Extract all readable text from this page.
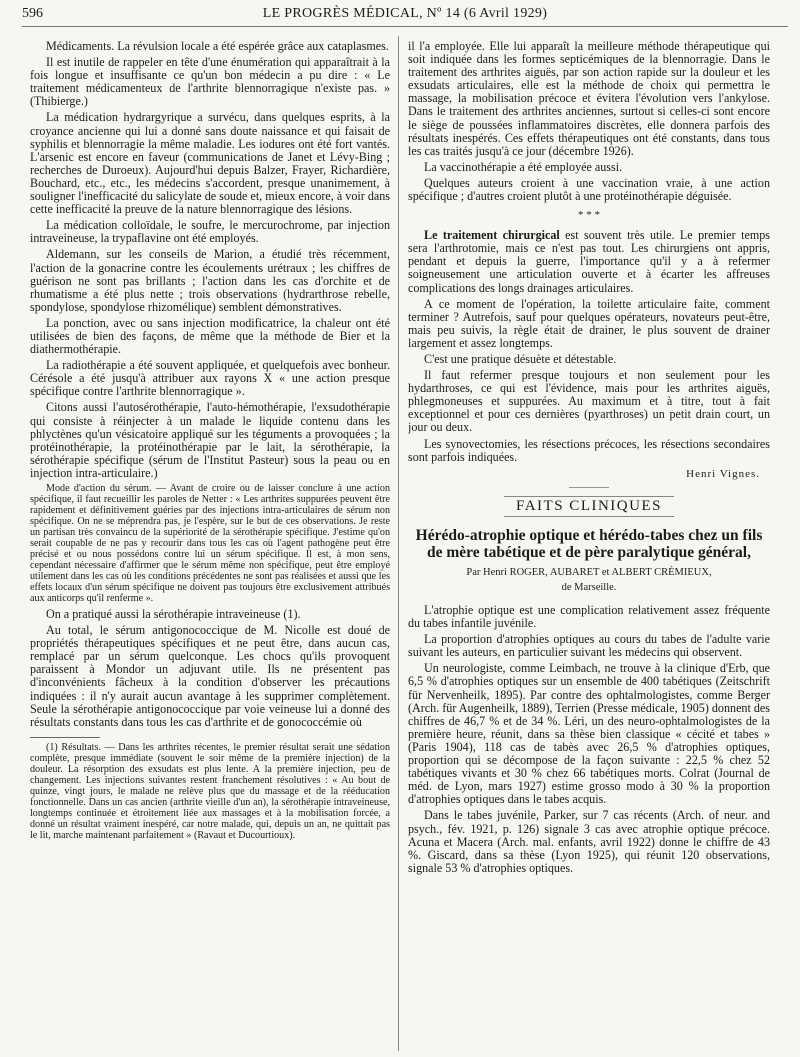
596	LE PROGRÈS MÉDICAL, Nº 14 (6 Avril 1929)

Médicaments. La révulsion locale a été espérée grâce aux cataplasmes.

Il est inutile de rappeler en tête d'une énumération qui apparaîtrait à la fois longue et insuffisante ce qu'un bon médecin a pu dire : « Le traitement médicamenteux de l'arthrite blennorragique n'existe pas. » (Thibierge.)

La médication hydrargyrique a survécu, dans quelques esprits, à la croyance ancienne qui lui a donné sans doute naissance et qui faisait de syphilis et blennorragie la même maladie. Les iodures ont été fort vantés. L'arsenic est encore en faveur (communications de Janet et Lévy-Bing ; recherches de Duroeux). Aujourd'hui depuis Balzer, Frayer, Richardière, Bouchard, etc., etc., les médecins s'accordent, presque unanimement, à souligner l'inefficacité du salicylate de soude et, mieux encore, à voir dans cette inefficacité la preuve de la nature blennorragique des lésions.

La médication colloïdale, le soufre, le mercurochrome, par injection intraveineuse, la trypaflavine ont été employés.

Aldemann, sur les conseils de Marion, a étudié très récemment, l'action de la gonacrine contre les écoulements urétraux ; les chiffres de guérison ne sont pas brillants ; l'action dans les cas d'orchite et de rhumatisme a été plus nette ; trois observations (hydrarthrose rebelle, spondylose, spondylose rhizomélique) semblent démonstratives.

La ponction, avec ou sans injection modificatrice, la chaleur ont été utilisées de bien des façons, de même que la méthode de Bier et la diathermothérapie.

La radiothérapie a été souvent appliquée, et quelquefois avec bonheur. Cérésole a été jusqu'à attribuer aux rayons X « une action presque spécifique contre l'arthrite blennorragique ».

Citons aussi l'autosérothérapie, l'auto-hémothérapie, l'exsudothérapie qui consiste à réinjecter à un malade le liquide contenu dans les phlyctènes qu'un vésicatoire appliqué sur les téguments a provoquées ; la protéinothérapie, la protéinothérapie par le lait, la sérothérapie, la sérothérapie spécifique (sérum de l'Institut Pasteur) sous la peau ou en injection intra-articulaire.)

Mode d'action du sérum. — Avant de croire ou de laisser conclure à une action spécifique, il faut recueillir les paroles de Netter : « Les arthrites suppurées peuvent être rapidement et définitivement guéries par des injections intra-articulaires de sérum non spécifique. On ne se méprendra pas, je l'espère, sur le but de ces observations. Je reste un partisan très convaincu de la supériorité de la sérothérapie spécifique. J'estime qu'on serait coupable de ne pas y recourir dans tous les cas où l'agent pathogène peut être précisé et ou nous possédons contre lui un sérum spécifique. Il est, à mon sens, cependant nécessaire d'affirmer que le sérum même non spécifique, peut être employé utilement dans les cas où les conditions précédentes ne sont pas réalisées et aussi que les effets locaux d'un sérum spécifique ne doivent pas toujours être exclusivement attribués aux anticorps qu'il renferme ».

On a pratiqué aussi la sérothérapie intraveineuse (1).

Au total, le sérum antigonococcique de M. Nicolle est doué de propriétés thérapeutiques spécifiques et ne peut être, dans aucun cas, remplacé par un sérum quelconque. Les chocs qu'ils provoquent paraissent à Mondor un adjuvant utile. Ils ne présentent pas d'inconvénients fâcheux à la condition d'observer les précautions indiquées : il n'y aurait aucun avantage à les supprimer complètement. Seule la sérothérapie antigonococcique par voie veineuse lui a donné des résultats constants dans tous les cas d'arthrite et de gonococcémie où

(1) Résultats. — Dans les arthrites récentes, le premier résultat serait une sédation complète, presque immédiate (souvent le soir même de la première injection) de la douleur. La résorption des exsudats est plus lente. A la première injection, peu de changement. Les injections suivantes restent franchement résolutives : « Au bout de quinze, vingt jours, le malade ne relève plus que du massage et de la rééducation fonctionnelle. Dans un cas ancien (arthrite vieille d'un an), la sérothérapie intraveineuse, longtemps continuée et étroitement liée aux massages et à la mobilisation forcée, a donné un résultat vraiment inespéré, car notre malade, qui, depuis un an, ne quittait pas le lit, marche maintenant parfaitement » (Ravaut et Ducourtioux).

il l'a employée. Elle lui apparaît la meilleure méthode thérapeutique qui soit indiquée dans les formes septicémiques de la blennorragie. Dans le traitement des arthrites aiguës, par son action rapide sur la douleur et les exsudats articulaires, elle est la méthode de choix qui permettra le massage, la mobilisation précoce et évitera l'évolution vers l'ankylose. Dans le traitement des arthrites anciennes, surtout si celles-ci sont encore le siège de poussées inflammatoires discrètes, elle donnera parfois des résultats inespérés. Ces effets thérapeutiques ont été constants, dans tous les cas traités jusqu'à ce jour (décembre 1926).

La vaccinothérapie a été employée aussi.

Quelques auteurs croient à une vaccination vraie, à une action spécifique ; d'autres croient plutôt à une protéinothérapie déguisée.

* * *

Le traitement chirurgical est souvent très utile. Le premier temps sera l'arthrotomie, mais ce n'est pas tout. Les chirurgiens ont appris, pendant et depuis la guerre, l'importance qu'il y a à refermer soigneusement une articulation ouverte et à écarter les affreuses complications des longs drainages articulaires.

A ce moment de l'opération, la toilette articulaire faite, comment terminer ? Autrefois, sauf pour quelques opérateurs, novateurs peut-être, mais peu suivis, la règle était de drainer, le plus souvent de drainer largement et assez longtemps.

C'est une pratique désuète et détestable.

Il faut refermer presque toujours et non seulement pour les hydarthroses, ce qui est l'évidence, mais pour les arthrites aiguës, phlegmoneuses et suppurées. Au maximum et à titre, tout à fait exceptionnel et pour ces dernières (pyarthroses) un petit drain court, un jour ou deux.

Les synovectomies, les résections précoces, les résections secondaires sont parfois indiquées.

Henri Vignes.
FAITS CLINIQUES
Hérédo-atrophie optique et hérédo-tabes chez un fils de mère tabétique et de père paralytique général,
Par Henri ROGER, AUBARET et ALBERT CRÉMIEUX,
de Marseille.

L'atrophie optique est une complication relativement assez fréquente du tabes infantile juvénile.

La proportion d'atrophies optiques au cours du tabes de l'adulte varie suivant les auteurs, en particulier suivant les médecins qui observent.

Un neurologiste, comme Leimbach, ne trouve à la clinique d'Erb, que 6,5 % d'atrophies optiques sur un ensemble de 400 tabétiques (Zeitschrift für Nervenheilk, 1895). Par contre des ophtalmologistes, comme Berger (Arch. für Augenheilk, 1889), Terrien (Presse médicale, 1905) donnent des chiffres de 46,7 % et de 34 %. Léri, un des neuro-ophtalmologistes de la première heure, réunit, dans sa thèse bien classique « cécité et tabes » (Paris 1904), 118 cas de tabès avec 26,5 % d'atrophies optiques, proportion qui se décompose de la façon suivante : 22,5 % chez 52 tabétiques vivants et 30 % chez 66 tabétiques morts. Colrat (Journal de méd. de Lyon, mars 1927) estime grosso modo à 30 % la proportion d'atrophies optiques dans le tabes acquis.

Dans le tabes juvénile, Parker, sur 7 cas récents (Arch. of neur. and psych., fév. 1921, p. 126) signale 3 cas avec atrophie optique précoce. Acuna et Macera (Arch. mal. enfants, avril 1922) donne le chiffre de 43 %. Giscard, dans sa thèse (Lyon 1925), qui réunit 120 observations, signale 53 % d'atrophies optiques.
